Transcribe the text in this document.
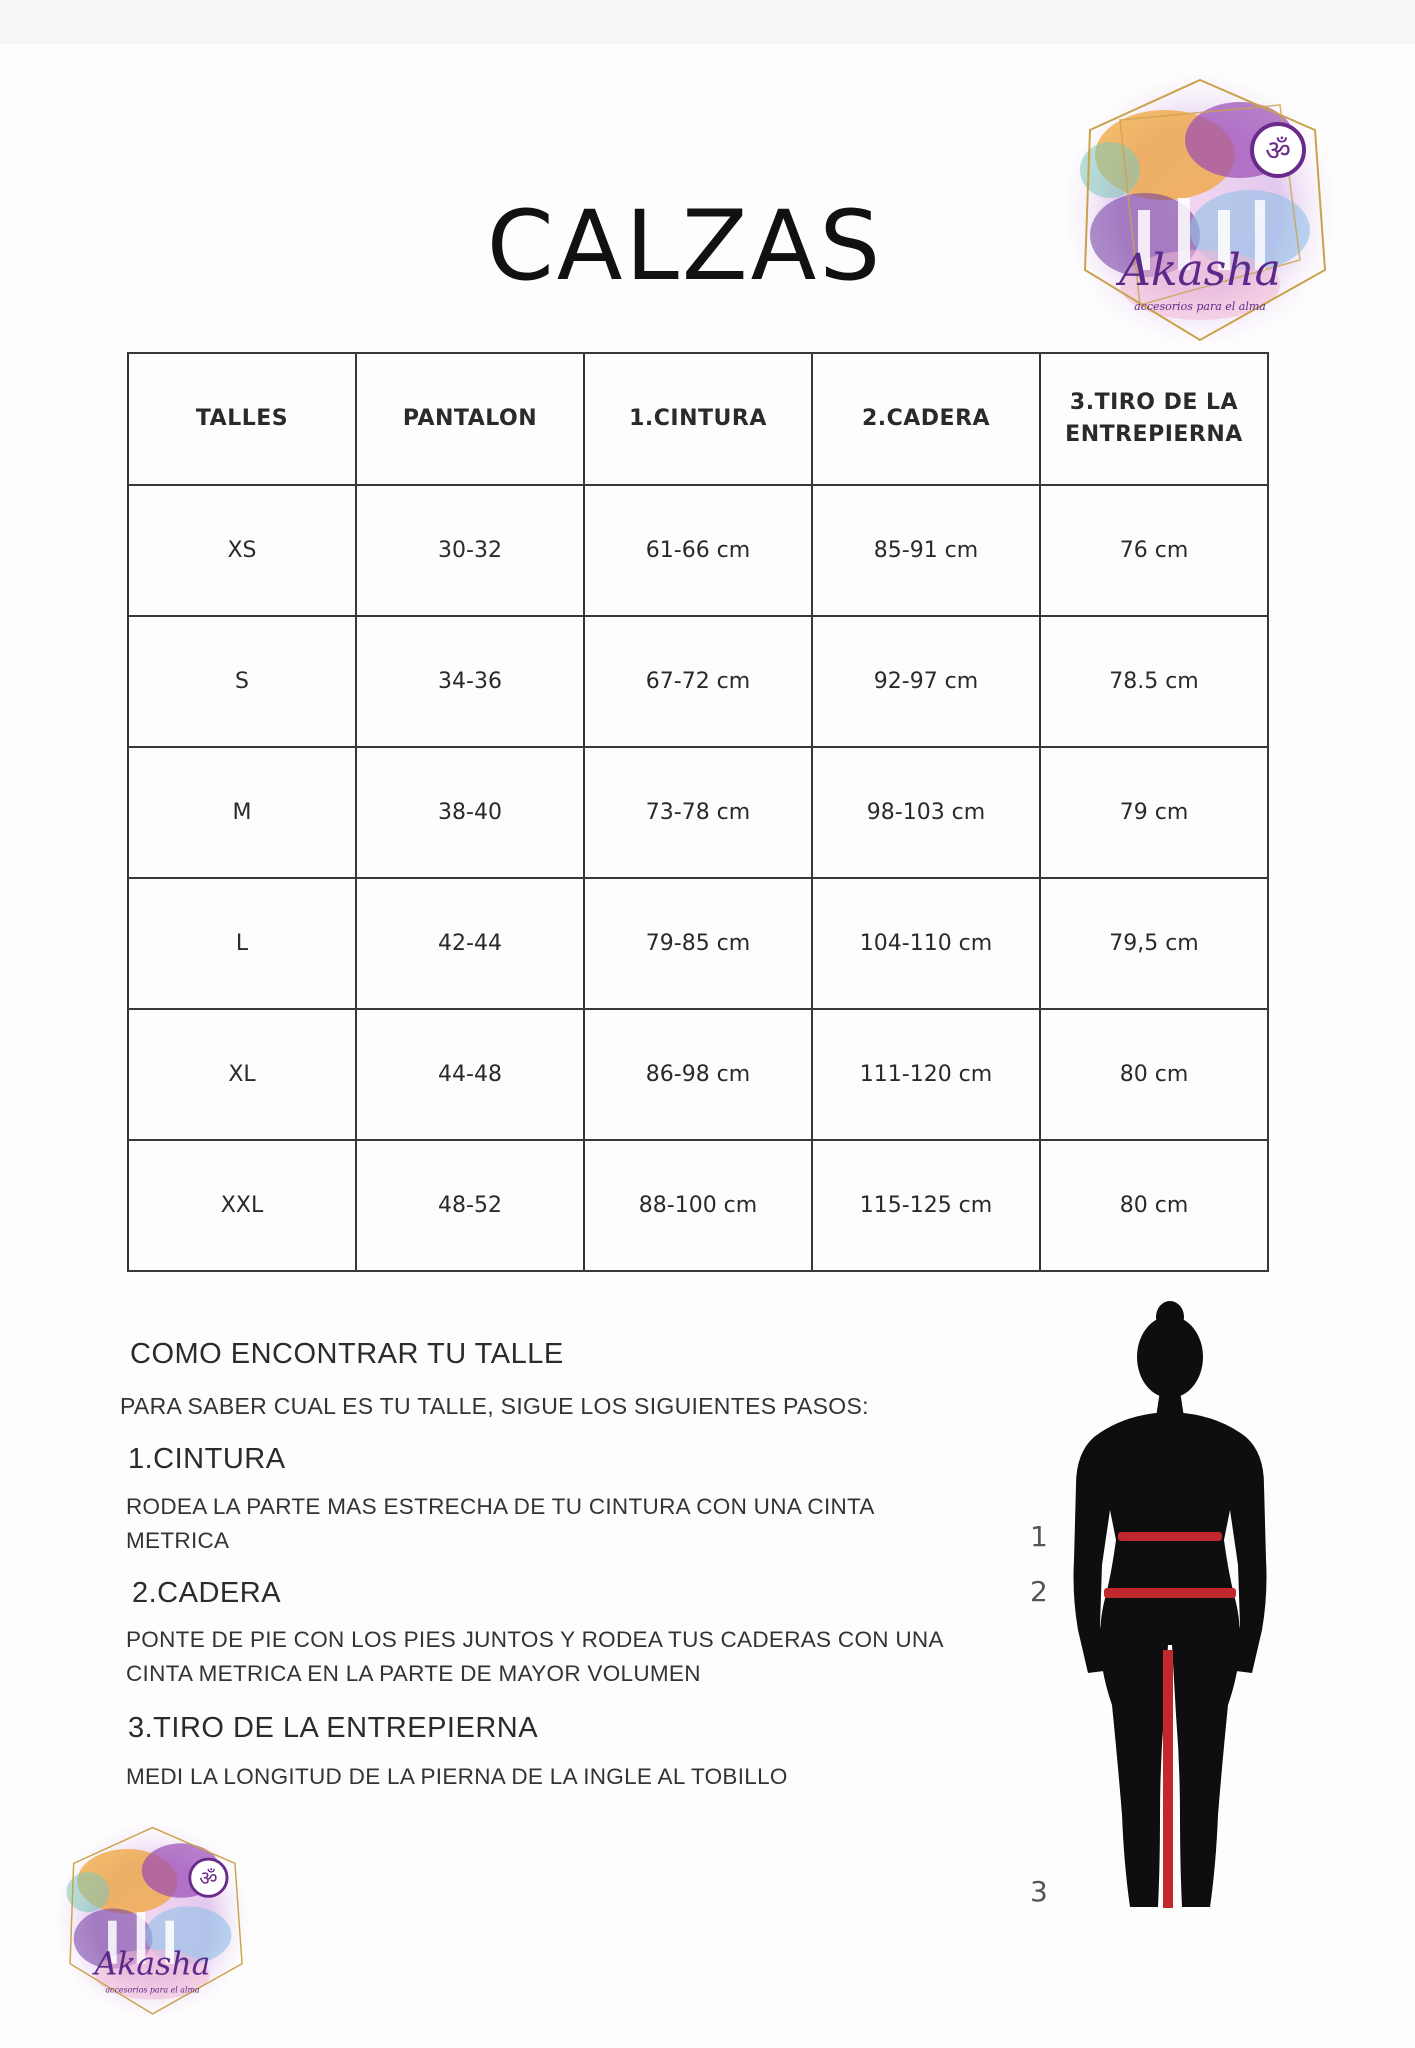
CALZAS
ॐ
Akasha
accesorios para el alma
TALLES	PANTALON	1.CINTURA	2.CADERA	3.TIRO DE LA ENTREPIERNA
XS	30-32	61-66 cm	85-91 cm	76 cm
S	34-36	67-72 cm	92-97 cm	78.5 cm
M	38-40	73-78 cm	98-103 cm	79 cm
L	42-44	79-85 cm	104-110 cm	79,5 cm
XL	44-48	86-98 cm	111-120 cm	80 cm
XXL	48-52	88-100 cm	115-125 cm	80 cm
COMO ENCONTRAR TU TALLE
PARA SABER CUAL ES TU TALLE, SIGUE LOS SIGUIENTES PASOS:
1.CINTURA
RODEA LA PARTE MAS ESTRECHA DE TU CINTURA CON UNA CINTA METRICA
2.CADERA
PONTE DE PIE CON LOS PIES JUNTOS Y RODEA TUS CADERAS CON UNA CINTA METRICA EN LA PARTE DE MAYOR VOLUMEN
3.TIRO DE LA ENTREPIERNA
MEDI LA LONGITUD DE LA PIERNA DE LA INGLE AL TOBILLO
1
2
3
ॐ
Akasha
accesorios para el alma
